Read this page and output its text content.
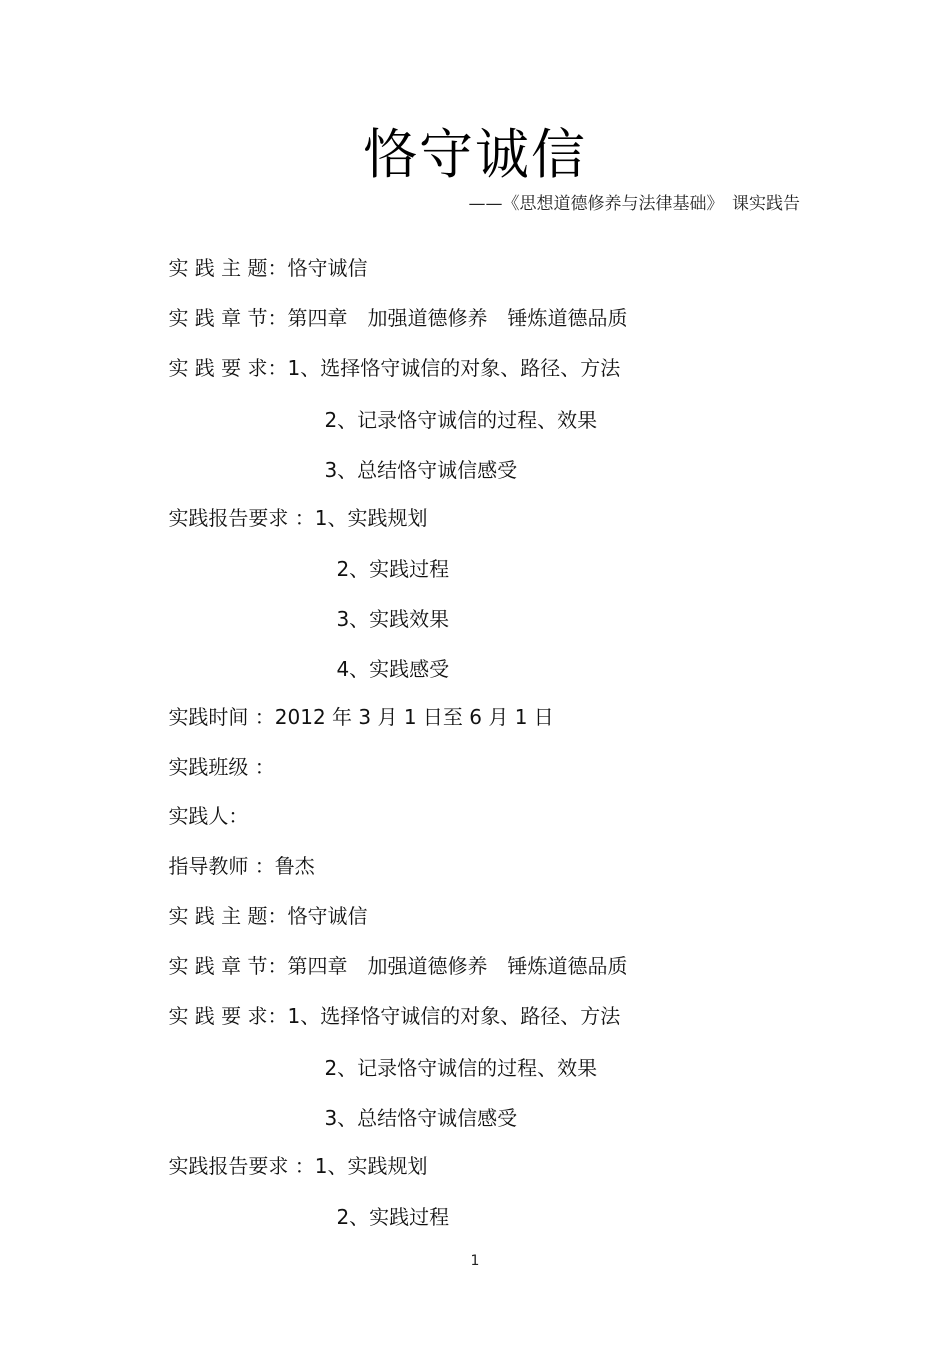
恪守诚信
——《思想道德修养与法律基础》　课实践告

实 践 主 题：恪守诚信

实 践 章 节：第四章　加强道德修养　锤炼道德品质

实 践 要 求：1、选择恪守诚信的对象、路径、方法

2、记录恪守诚信的过程、效果

3、总结恪守诚信感受

实践报告要求 ：1、实践规划

2、实践过程

3、实践效果

4、实践感受

实践时间 ：2012 年 3 月 1 日至 6 月 1 日

实践班级 ：

实践人：

指导教师 ：鲁杰

实 践 主 题：恪守诚信

实 践 章 节：第四章　加强道德修养　锤炼道德品质

实 践 要 求：1、选择恪守诚信的对象、路径、方法

2、记录恪守诚信的过程、效果

3、总结恪守诚信感受

实践报告要求 ：1、实践规划

2、实践过程

1
